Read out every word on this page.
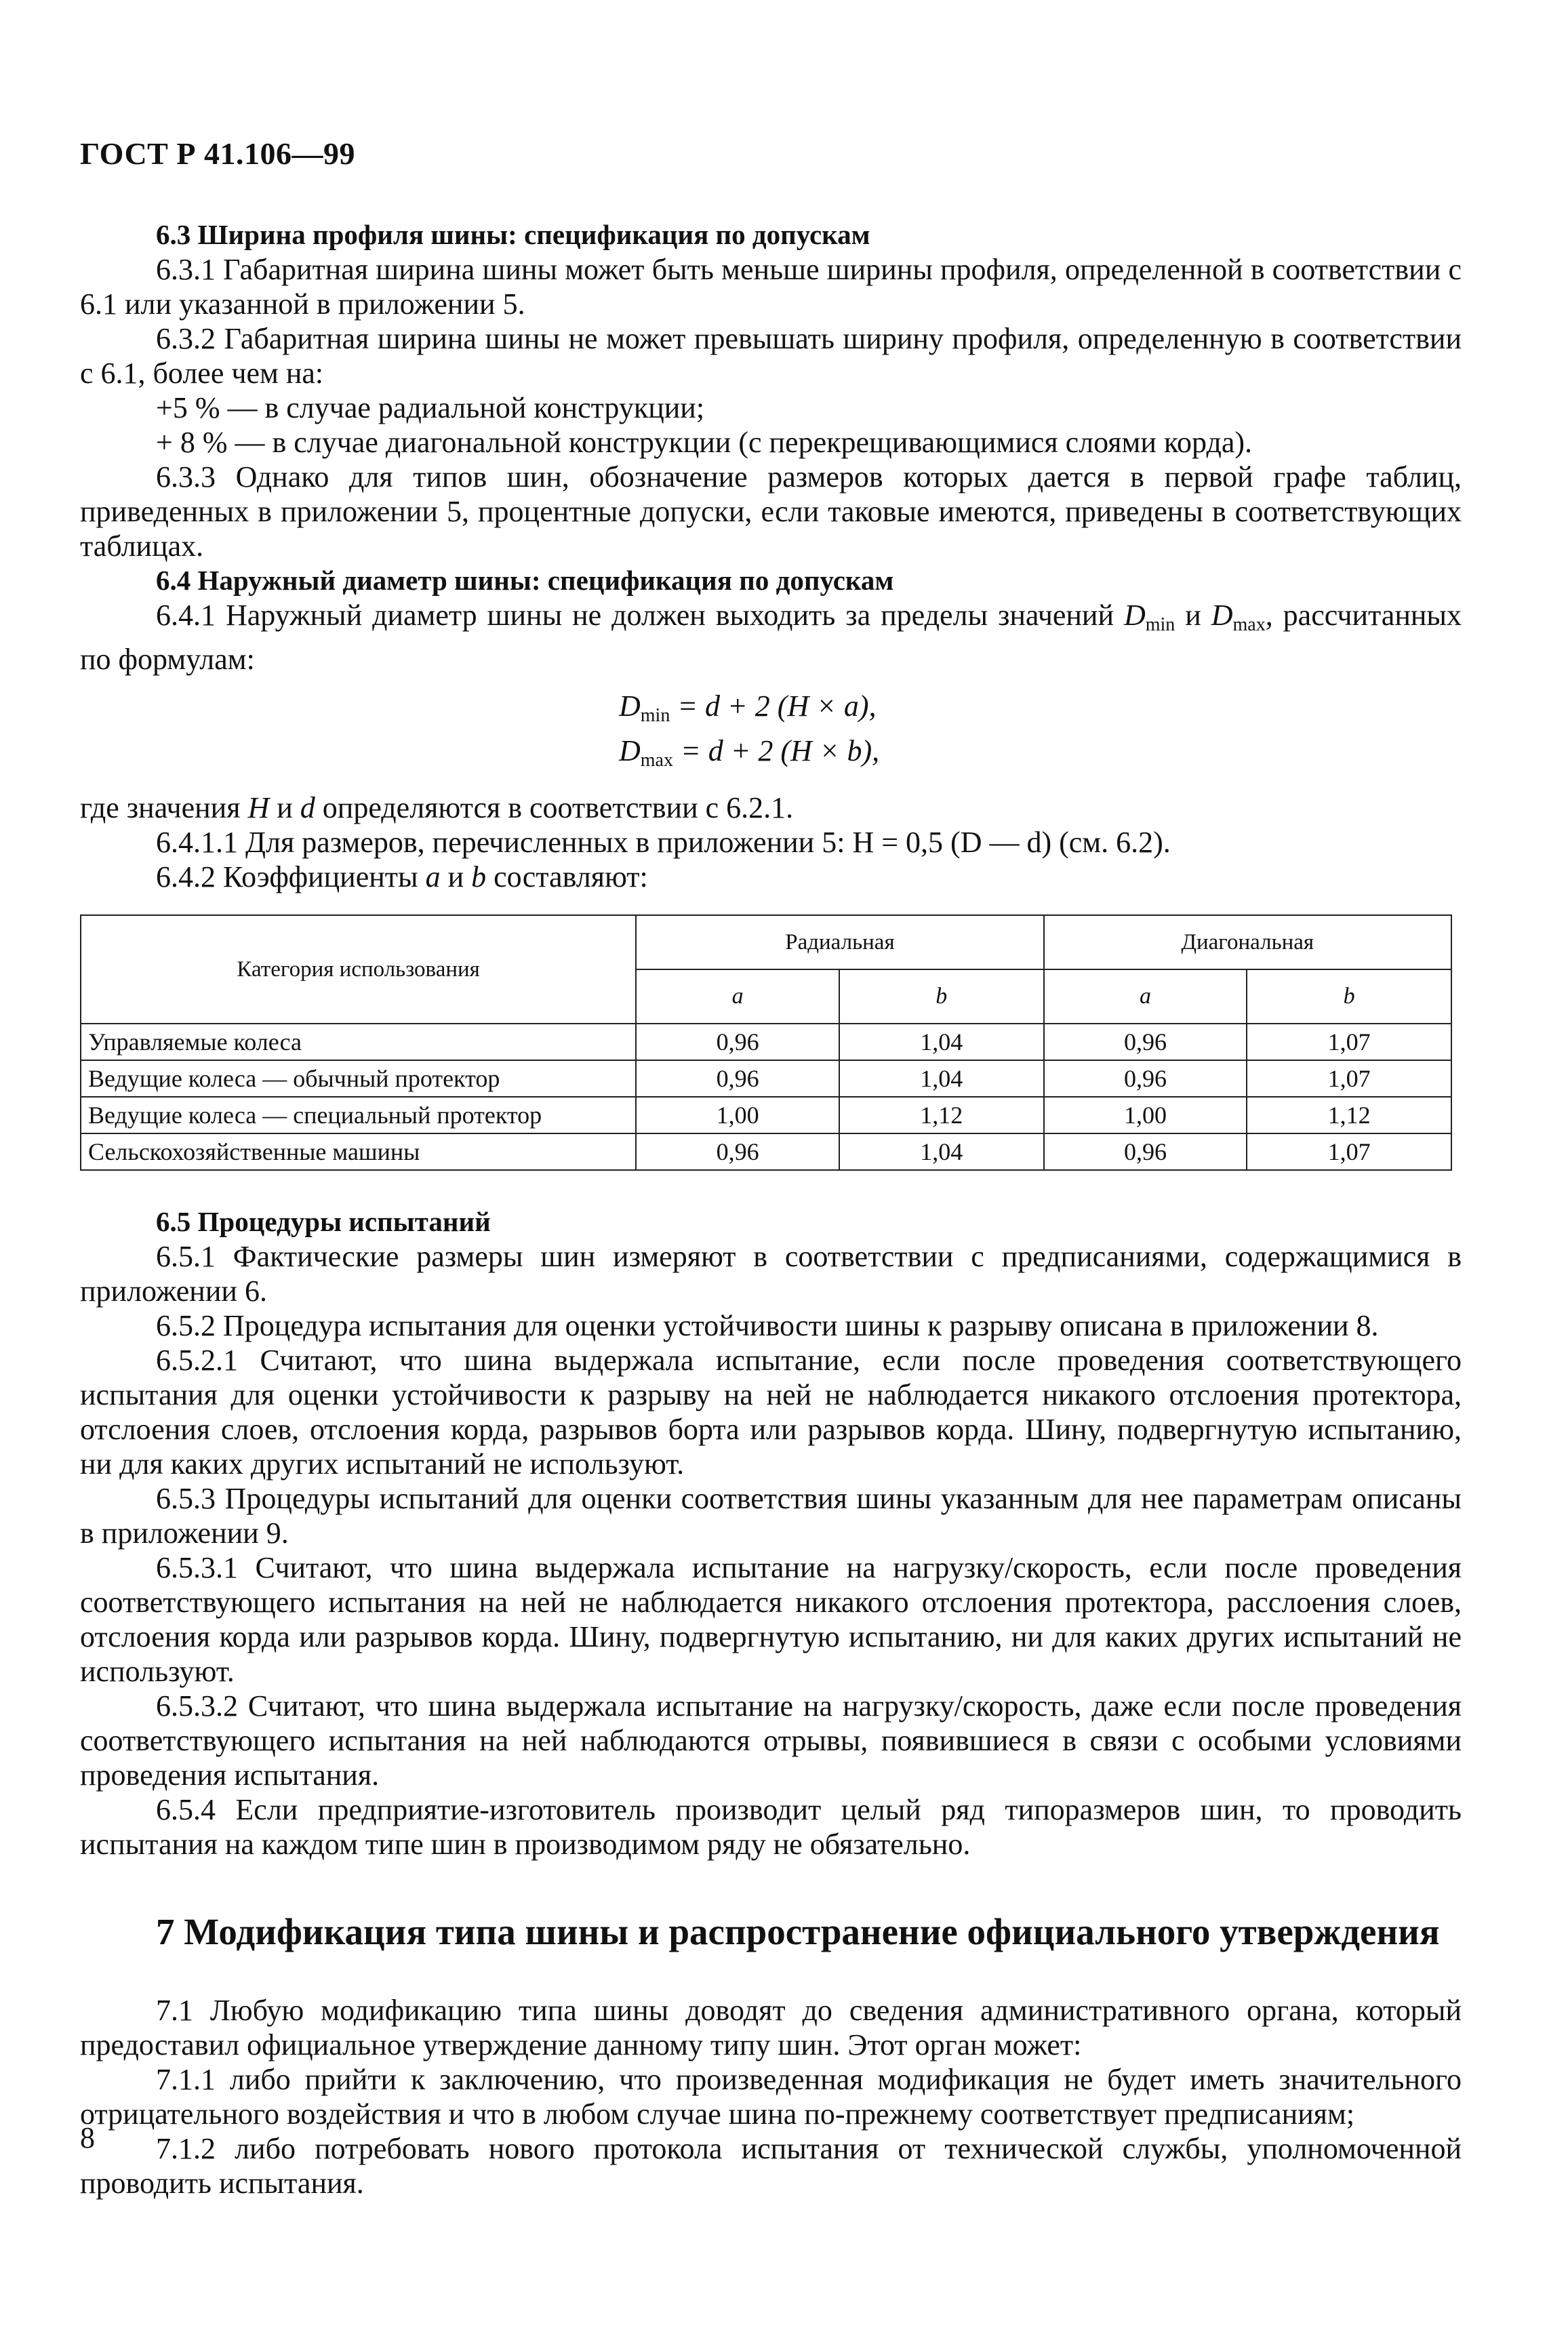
ГОСТ Р 41.106—99

6.3 Ширина профиля шины: спецификация по допускам

6.3.1 Габаритная ширина шины может быть меньше ширины профиля, определенной в соответствии с 6.1 или указанной в приложении 5.

6.3.2 Габаритная ширина шины не может превышать ширину профиля, определенную в соответствии с 6.1, более чем на:

+5 % — в случае радиальной конструкции;

+ 8 % — в случае диагональной конструкции (с перекрещивающимися слоями корда).

6.3.3 Однако для типов шин, обозначение размеров которых дается в первой графе таблиц, приведенных в приложении 5, процентные допуски, если таковые имеются, приведены в соответствующих таблицах.

6.4 Наружный диаметр шины: спецификация по допускам

6.4.1 Наружный диаметр шины не должен выходить за пределы значений $D_{min}$ и $D_{max}$, рассчитанных по формулам:

$D_{min} = d + 2$ (H × a),
$D_{max} = d + 2$ (H × b),

где значения H и d определяются в соответствии с 6.2.1.

6.4.1.1 Для размеров, перечисленных в приложении 5: H = 0,5 (D — d) (см. 6.2).

6.4.2 Коэффициенты a и b составляют:

Категория использования	Радиальная		Диагональная	
	a	b	a	b
Управляемые колеса	0,96	1,04	0,96	1,07
Ведущие колеса — обычный протектор	0,96	1,04	0,96	1,07
Ведущие колеса — специальный протектор	1,00	1,12	1,00	1,12
Сельскохозяйственные машины	0,96	1,04	0,96	1,07

6.5 Процедуры испытаний

6.5.1 Фактические размеры шин измеряют в соответствии с предписаниями, содержащимися в приложении 6.

6.5.2 Процедура испытания для оценки устойчивости шины к разрыву описана в приложении 8.

6.5.2.1 Считают, что шина выдержала испытание, если после проведения соответствующего испытания для оценки устойчивости к разрыву на ней не наблюдается никакого отслоения протектора, отслоения слоев, отслоения корда, разрывов борта или разрывов корда. Шину, подвергнутую испытанию, ни для каких других испытаний не используют.

6.5.3 Процедуры испытаний для оценки соответствия шины указанным для нее параметрам описаны в приложении 9.

6.5.3.1 Считают, что шина выдержала испытание на нагрузку/скорость, если после проведения соответствующего испытания на ней не наблюдается никакого отслоения протектора, расслоения слоев, отслоения корда или разрывов корда. Шину, подвергнутую испытанию, ни для каких других испытаний не используют.

6.5.3.2 Считают, что шина выдержала испытание на нагрузку/скорость, даже если после проведения соответствующего испытания на ней наблюдаются отрывы, появившиеся в связи с особыми условиями проведения испытания.

6.5.4 Если предприятие-изготовитель производит целый ряд типоразмеров шин, то проводить испытания на каждом типе шин в производимом ряду не обязательно.

7 Модификация типа шины и распространение официального утверждения

7.1 Любую модификацию типа шины доводят до сведения административного органа, который предоставил официальное утверждение данному типу шин. Этот орган может:

7.1.1 либо прийти к заключению, что произведенная модификация не будет иметь значительного отрицательного воздействия и что в любом случае шина по-прежнему соответствует предписаниям;

7.1.2 либо потребовать нового протокола испытания от технической службы, уполномоченной проводить испытания.

8
